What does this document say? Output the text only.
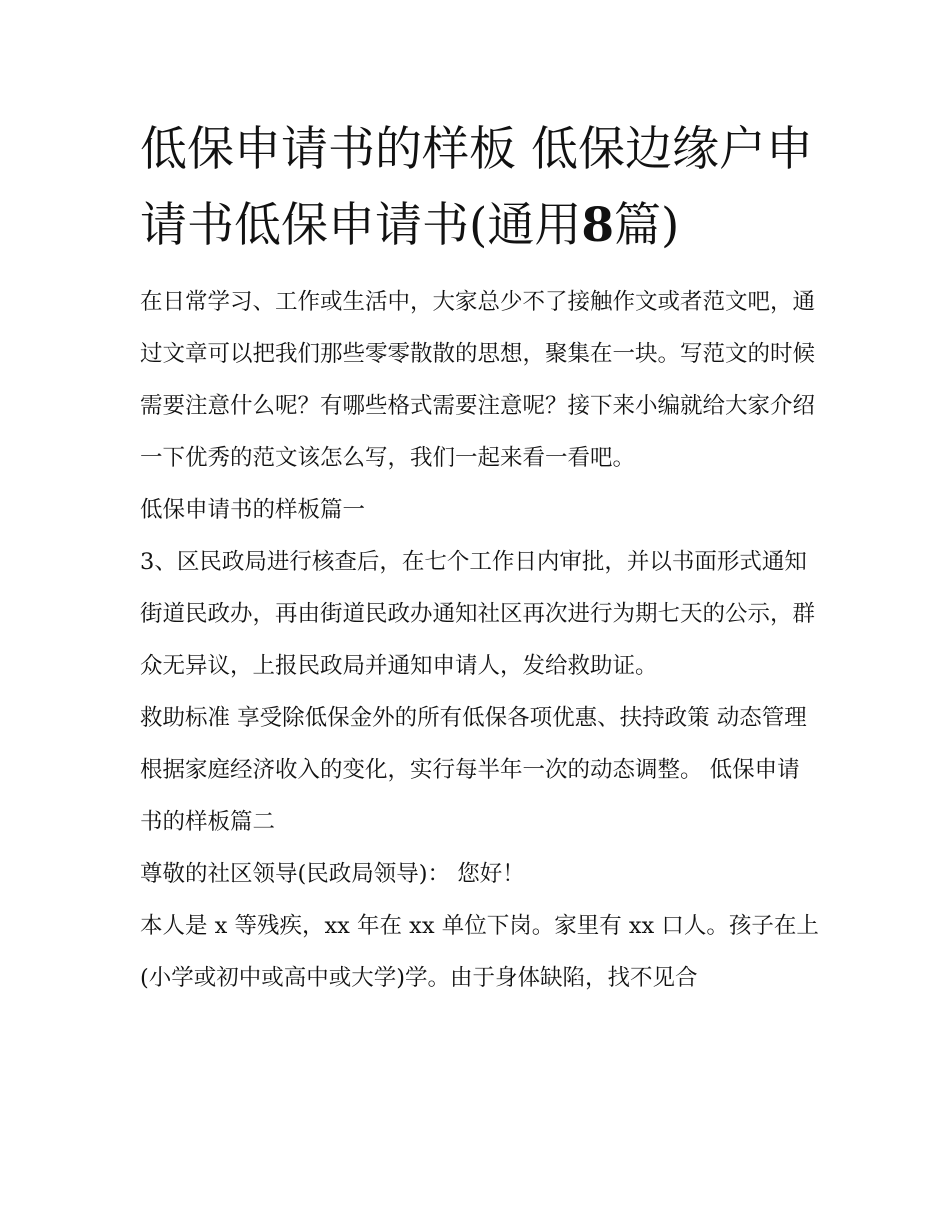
低保申请书的样板 低保边缘户申请书低保申请书(通用8篇)

在日常学习、工作或生活中，大家总少不了接触作文或者范文吧，通过文章可以把我们那些零零散散的思想，聚集在一块。写范文的时候需要注意什么呢？有哪些格式需要注意呢？接下来小编就给大家介绍一下优秀的范文该怎么写，我们一起来看一看吧。

低保申请书的样板篇一

3、区民政局进行核查后，在七个工作日内审批，并以书面形式通知街道民政办，再由街道民政办通知社区再次进行为期七天的公示，群众无异议，上报民政局并通知申请人，发给救助证。

救助标准 享受除低保金外的所有低保各项优惠、扶持政策 动态管理 根据家庭经济收入的变化，实行每半年一次的动态调整。 低保申请书的样板篇二

尊敬的社区领导(民政局领导)： 您好！

本人是 x 等残疾，xx 年在 xx 单位下岗。家里有 xx 口人。孩子在上(小学或初中或高中或大学)学。由于身体缺陷，找不见合
